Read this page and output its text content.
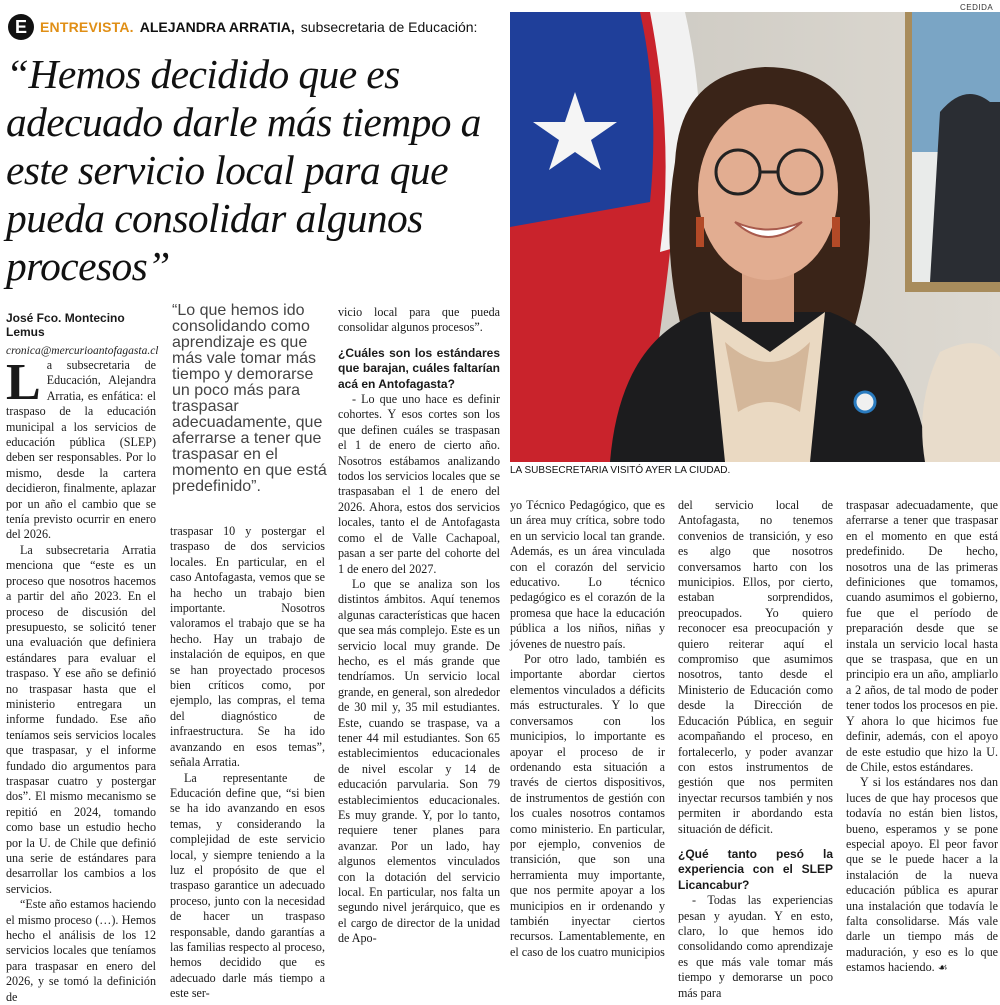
CEDIDA
E ENTREVISTA. ALEJANDRA ARRATIA, subsecretaria de Educación:
“Hemos decidido que es adecuado darle más tiempo a este servicio local para que pueda consolidar algunos procesos”
José Fco. Montecino Lemus
cronica@mercurioantofagasta.cl
“Lo que hemos ido consolidando como aprendizaje es que más vale tomar más tiempo y demorarse un poco más para traspasar adecuadamente, que aferrarse a tener que traspasar en el momento en que está predefinido”.
LA SUBSECRETARIA VISITÓ AYER LA CIUDAD.

La subsecretaria de Educación, Alejandra Arratia, es enfática: el traspaso de la educación municipal a los servicios de educación pública (SLEP) deben ser responsables. Por lo mismo, desde la cartera decidieron, finalmente, aplazar por un año el cambio que se tenía previsto ocurrir en enero del 2026.

La subsecretaria Arratia menciona que “este es un proceso que nosotros hacemos a partir del año 2023. En el proceso de discusión del presupuesto, se solicitó tener una evaluación que definiera estándares para evaluar el traspaso. Y ese año se definió no traspasar hasta que el ministerio entregara un informe fundado. Ese año teníamos seis servicios locales que traspasar, y el informe fundado dio argumentos para traspasar cuatro y postergar dos”. El mismo mecanismo se repitió en 2024, tomando como base un estudio hecho por la U. de Chile que definió una serie de estándares para desarrollar los cambios a los servicios.

“Este año estamos haciendo el mismo proceso (…). Hemos hecho el análisis de los 12 servicios locales que teníamos para traspasar en enero del 2026, y se tomó la definición de

traspasar 10 y postergar el traspaso de dos servicios locales. En particular, en el caso Antofagasta, vemos que se ha hecho un trabajo bien importante. Nosotros valoramos el trabajo que se ha hecho. Hay un trabajo de instalación de equipos, en que se han proyectado procesos bien críticos como, por ejemplo, las compras, el tema del diagnóstico de infraestructura. Se ha ido avanzando en esos temas”, señala Arratia.

La representante de Educación define que, “si bien se ha ido avanzando en esos temas, y considerando la complejidad de este servicio local, y siempre teniendo a la luz el propósito de que el traspaso garantice un adecuado proceso, junto con la necesidad de hacer un traspaso responsable, dando garantías a las familias respecto al proceso, hemos decidido que es adecuado darle más tiempo a este ser-

vicio local para que pueda consolidar algunos procesos”.

¿Cuáles son los estándares que barajan, cuáles faltarían acá en Antofagasta?

- Lo que uno hace es definir cohortes. Y esos cortes son los que definen cuáles se traspasan el 1 de enero de cierto año. Nosotros estábamos analizando todos los servicios locales que se traspasaban el 1 de enero del 2026. Ahora, estos dos servicios locales, tanto el de Antofagasta como el de Valle Cachapoal, pasan a ser parte del cohorte del 1 de enero del 2027.

Lo que se analiza son los distintos ámbitos. Aquí tenemos algunas características que hacen que sea más complejo. Este es un servicio local muy grande. De hecho, es el más grande que tendríamos. Un servicio local grande, en general, son alrededor de 30 mil y, 35 mil estudiantes. Este, cuando se traspase, va a tener 44 mil estudiantes. Son 65 establecimientos educacionales de nivel escolar y 14 de educación parvularia. Son 79 establecimientos educacionales. Es muy grande. Y, por lo tanto, requiere tener planes para avanzar. Por un lado, hay algunos elementos vinculados con la dotación del servicio local. En particular, nos falta un segundo nivel jerárquico, que es el cargo de director de la unidad de Apo-

yo Técnico Pedagógico, que es un área muy crítica, sobre todo en un servicio local tan grande. Además, es un área vinculada con el corazón del servicio educativo. Lo técnico pedagógico es el corazón de la promesa que hace la educación pública a los niños, niñas y jóvenes de nuestro país.

Por otro lado, también es importante abordar ciertos elementos vinculados a déficits más estructurales. Y lo que conversamos con los municipios, lo importante es apoyar el proceso de ir ordenando esta situación a través de ciertos dispositivos, de instrumentos de gestión con los cuales nosotros contamos como ministerio. En particular, por ejemplo, convenios de transición, que son una herramienta muy importante, que nos permite apoyar a los municipios en ir ordenando y también inyectar ciertos recursos. Lamentablemente, en el caso de los cuatro municipios

del servicio local de Antofagasta, no tenemos convenios de transición, y eso es algo que nosotros conversamos harto con los municipios. Ellos, por cierto, estaban sorprendidos, preocupados. Yo quiero reconocer esa preocupación y quiero reiterar aquí el compromiso que asumimos nosotros, tanto desde el Ministerio de Educación como desde la Dirección de Educación Pública, en seguir acompañando el proceso, en fortalecerlo, y poder avanzar con estos instrumentos de gestión que nos permiten inyectar recursos también y nos permiten ir abordando esta situación de déficit.

¿Qué tanto pesó la experiencia con el SLEP Licancabur?

- Todas las experiencias pesan y ayudan. Y en esto, claro, lo que hemos ido consolidando como aprendizaje es que más vale tomar más tiempo y demorarse un poco más para

traspasar adecuadamente, que aferrarse a tener que traspasar en el momento en que está predefinido. De hecho, nosotros una de las primeras definiciones que tomamos, cuando asumimos el gobierno, fue que el período de preparación desde que se instala un servicio local hasta que se traspasa, que en un principio era un año, ampliarlo a 2 años, de tal modo de poder tener todos los procesos en pie. Y ahora lo que hicimos fue definir, además, con el apoyo de este estudio que hizo la U. de Chile, estos estándares.

Y si los estándares nos dan luces de que hay procesos que todavía no están bien listos, bueno, esperamos y se pone especial apoyo. El peor favor que se le puede hacer a la instalación de la nueva educación pública es apurar una instalación que todavía le falta consolidarse. Más vale darle un tiempo más de maduración, y eso es lo que estamos haciendo. ☙
